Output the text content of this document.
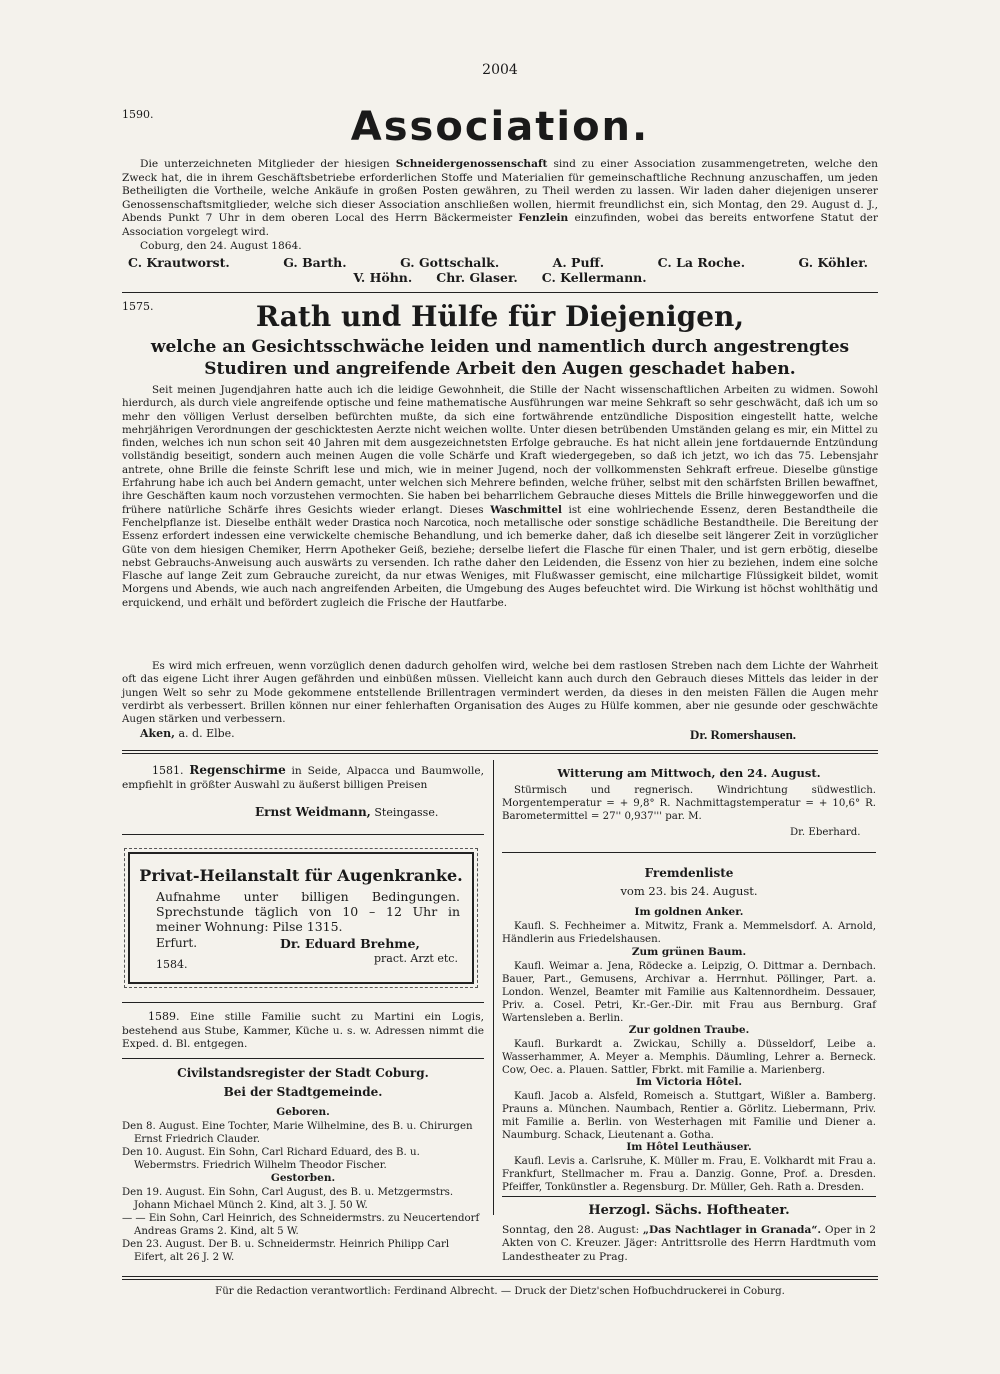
2004
1590.	Association.
Die unterzeichneten Mitglieder der hiesigen Schneidergenossenschaft sind zu einer Association zusammengetreten, welche den Zweck hat, die in ihrem Geschäftsbetriebe erforderlichen Stoffe und Materialien für gemeinschaftliche Rechnung anzuschaffen, um jeden Betheiligten die Vortheile, welche Ankäufe in großen Posten gewähren, zu Theil werden zu lassen. Wir laden daher diejenigen unserer Genossenschaftsmitglieder, welche sich dieser Association anschließen wollen, hiermit freundlichst ein, sich Montag, den 29. August d. J., Abends Punkt 7 Uhr in dem oberen Local des Herrn Bäckermeister Fenzlein einzufinden, wobei das bereits entworfene Statut der Association vorgelegt wird.
Coburg, den 24. August 1864.
C. Krautworst.	G. Barth.	G. Gottschalk.	A. Puff.	C. La Roche.	G. Köhler.
V. Höhn. Chr. Glaser. C. Kellermann.
1575.	Rath und Hülfe für Diejenigen,
welche an Gesichtsschwäche leiden und namentlich durch angestrengtes Studiren und angreifende Arbeit den Augen geschadet haben.
Seit meinen Jugendjahren hatte auch ich die leidige Gewohnheit, die Stille der Nacht wissenschaftlichen Arbeiten zu widmen. Sowohl hierdurch, als durch viele angreifende optische und feine mathematische Ausführungen war meine Sehkraft so sehr geschwächt, daß ich um so mehr den völligen Verlust derselben befürchten mußte, da sich eine fortwährende entzündliche Disposition eingestellt hatte, welche mehrjährigen Verordnungen der geschicktesten Aerzte nicht weichen wollte. Unter diesen betrübenden Umständen gelang es mir, ein Mittel zu finden, welches ich nun schon seit 40 Jahren mit dem ausgezeichnetsten Erfolge gebrauche. Es hat nicht allein jene fortdauernde Entzündung vollständig beseitigt, sondern auch meinen Augen die volle Schärfe und Kraft wiedergegeben, so daß ich jetzt, wo ich das 75. Lebensjahr antrete, ohne Brille die feinste Schrift lese und mich, wie in meiner Jugend, noch der vollkommensten Sehkraft erfreue. Dieselbe günstige Erfahrung habe ich auch bei Andern gemacht, unter welchen sich Mehrere befinden, welche früher, selbst mit den schärfsten Brillen bewaffnet, ihre Geschäften kaum noch vorzustehen vermochten. Sie haben bei beharrlichem Gebrauche dieses Mittels die Brille hinweggeworfen und die frühere natürliche Schärfe ihres Gesichts wieder erlangt. Dieses Waschmittel ist eine wohlriechende Essenz, deren Bestandtheile die Fenchelpflanze ist. Dieselbe enthält weder Drastica noch Narcotica, noch metallische oder sonstige schädliche Bestandtheile. Die Bereitung der Essenz erfordert indessen eine verwickelte chemische Behandlung, und ich bemerke daher, daß ich dieselbe seit längerer Zeit in vorzüglicher Güte von dem hiesigen Chemiker, Herrn Apotheker Geiß, beziehe; derselbe liefert die Flasche für einen Thaler, und ist gern erbötig, dieselbe nebst Gebrauchs-Anweisung auch auswärts zu versenden. Ich rathe daher den Leidenden, die Essenz von hier zu beziehen, indem eine solche Flasche auf lange Zeit zum Gebrauche zureicht, da nur etwas Weniges, mit Flußwasser gemischt, eine milchartige Flüssigkeit bildet, womit Morgens und Abends, wie auch nach angreifenden Arbeiten, die Umgebung des Auges befeuchtet wird. Die Wirkung ist höchst wohlthätig und erquickend, und erhält und befördert zugleich die Frische der Hautfarbe.
Es wird mich erfreuen, wenn vorzüglich denen dadurch geholfen wird, welche bei dem rastlosen Streben nach dem Lichte der Wahrheit oft das eigene Licht ihrer Augen gefährden und einbüßen müssen. Vielleicht kann auch durch den Gebrauch dieses Mittels das leider in der jungen Welt so sehr zu Mode gekommene entstellende Brillentragen vermindert werden, da dieses in den meisten Fällen die Augen mehr verdirbt als verbessert. Brillen können nur einer fehlerhaften Organisation des Auges zu Hülfe kommen, aber nie gesunde oder geschwächte Augen stärken und verbessern.
Aken, a. d. Elbe.	Dr. Romershausen.
1581. Regenschirme in Seide, Alpacca und Baumwolle, empfiehlt in größter Auswahl zu äußerst billigen Preisen
Ernst Weidmann, Steingasse.
Privat-Heilanstalt für Augenkranke.
Aufnahme unter billigen Bedingungen. Sprechstunde täglich von 10 – 12 Uhr in meiner Wohnung: Pilse 1315.
Erfurt.	Dr. Eduard Brehme,
pract. Arzt etc.
1584.
1589. Eine stille Familie sucht zu Martini ein Logis, bestehend aus Stube, Kammer, Küche u. s. w. Adressen nimmt die Exped. d. Bl. entgegen.
Civilstandsregister der Stadt Coburg.
Bei der Stadtgemeinde.
Geboren.

Den 8. August. Eine Tochter, Marie Wilhelmine, des B. u. Chirurgen Ernst Friedrich Clauder.

Den 10. August. Ein Sohn, Carl Richard Eduard, des B. u. Webermstrs. Friedrich Wilhelm Theodor Fischer.

Gestorben.

Den 19. August. Ein Sohn, Carl August, des B. u. Metzgermstrs. Johann Michael Münch 2. Kind, alt 3. J. 50 W.

— — Ein Sohn, Carl Heinrich, des Schneidermstrs. zu Neucertendorf Andreas Grams 2. Kind, alt 5 W.

Den 23. August. Der B. u. Schneidermstr. Heinrich Philipp Carl Eifert, alt 26 J. 2 W.

Witterung am Mittwoch, den 24. August.
Stürmisch und regnerisch. Windrichtung südwestlich. Morgentemperatur = + 9,8° R. Nachmittagstemperatur = + 10,6° R. Barometermittel = 27'' 0,937''' par. M.
Dr. Eberhard.
Fremdenliste
vom 23. bis 24. August.
Im goldnen Anker.
Kaufl. S. Fechheimer a. Mitwitz, Frank a. Memmelsdorf. A. Arnold, Händlerin aus Friedelshausen.
Zum grünen Baum.
Kaufl. Weimar a. Jena, Rödecke a. Leipzig, O. Dittmar a. Dernbach. Bauer, Part., Gemusens, Archivar a. Herrnhut. Pöllinger, Part. a. London. Wenzel, Beamter mit Familie aus Kaltennordheim. Dessauer, Priv. a. Cosel. Petri, Kr.-Ger.-Dir. mit Frau aus Bernburg. Graf Wartensleben a. Berlin.
Zur goldnen Traube.
Kaufl. Burkardt a. Zwickau, Schilly a. Düsseldorf, Leibe a. Wasserhammer, A. Meyer a. Memphis. Däumling, Lehrer a. Berneck. Cow, Oec. a. Plauen. Sattler, Fbrkt. mit Familie a. Marienberg.
Im Victoria Hôtel.
Kaufl. Jacob a. Alsfeld, Romeisch a. Stuttgart, Wißler a. Bamberg. Prauns a. München. Naumbach, Rentier a. Görlitz. Liebermann, Priv. mit Familie a. Berlin. von Westerhagen mit Familie und Diener a. Naumburg. Schack, Lieutenant a. Gotha.
Im Hôtel Leuthäuser.
Kaufl. Levis a. Carlsruhe, K. Müller m. Frau, E. Volkhardt mit Frau a. Frankfurt, Stellmacher m. Frau a. Danzig. Gonne, Prof. a. Dresden. Pfeiffer, Tonkünstler a. Regensburg. Dr. Müller, Geh. Rath a. Dresden.
Herzogl. Sächs. Hoftheater.
Sonntag, den 28. August: „Das Nachtlager in Granada“. Oper in 2 Akten von C. Kreuzer. Jäger: Antrittsrolle des Herrn Hardtmuth vom Landestheater zu Prag.
Für die Redaction verantwortlich: Ferdinand Albrecht. — Druck der Dietz'schen Hofbuchdruckerei in Coburg.
